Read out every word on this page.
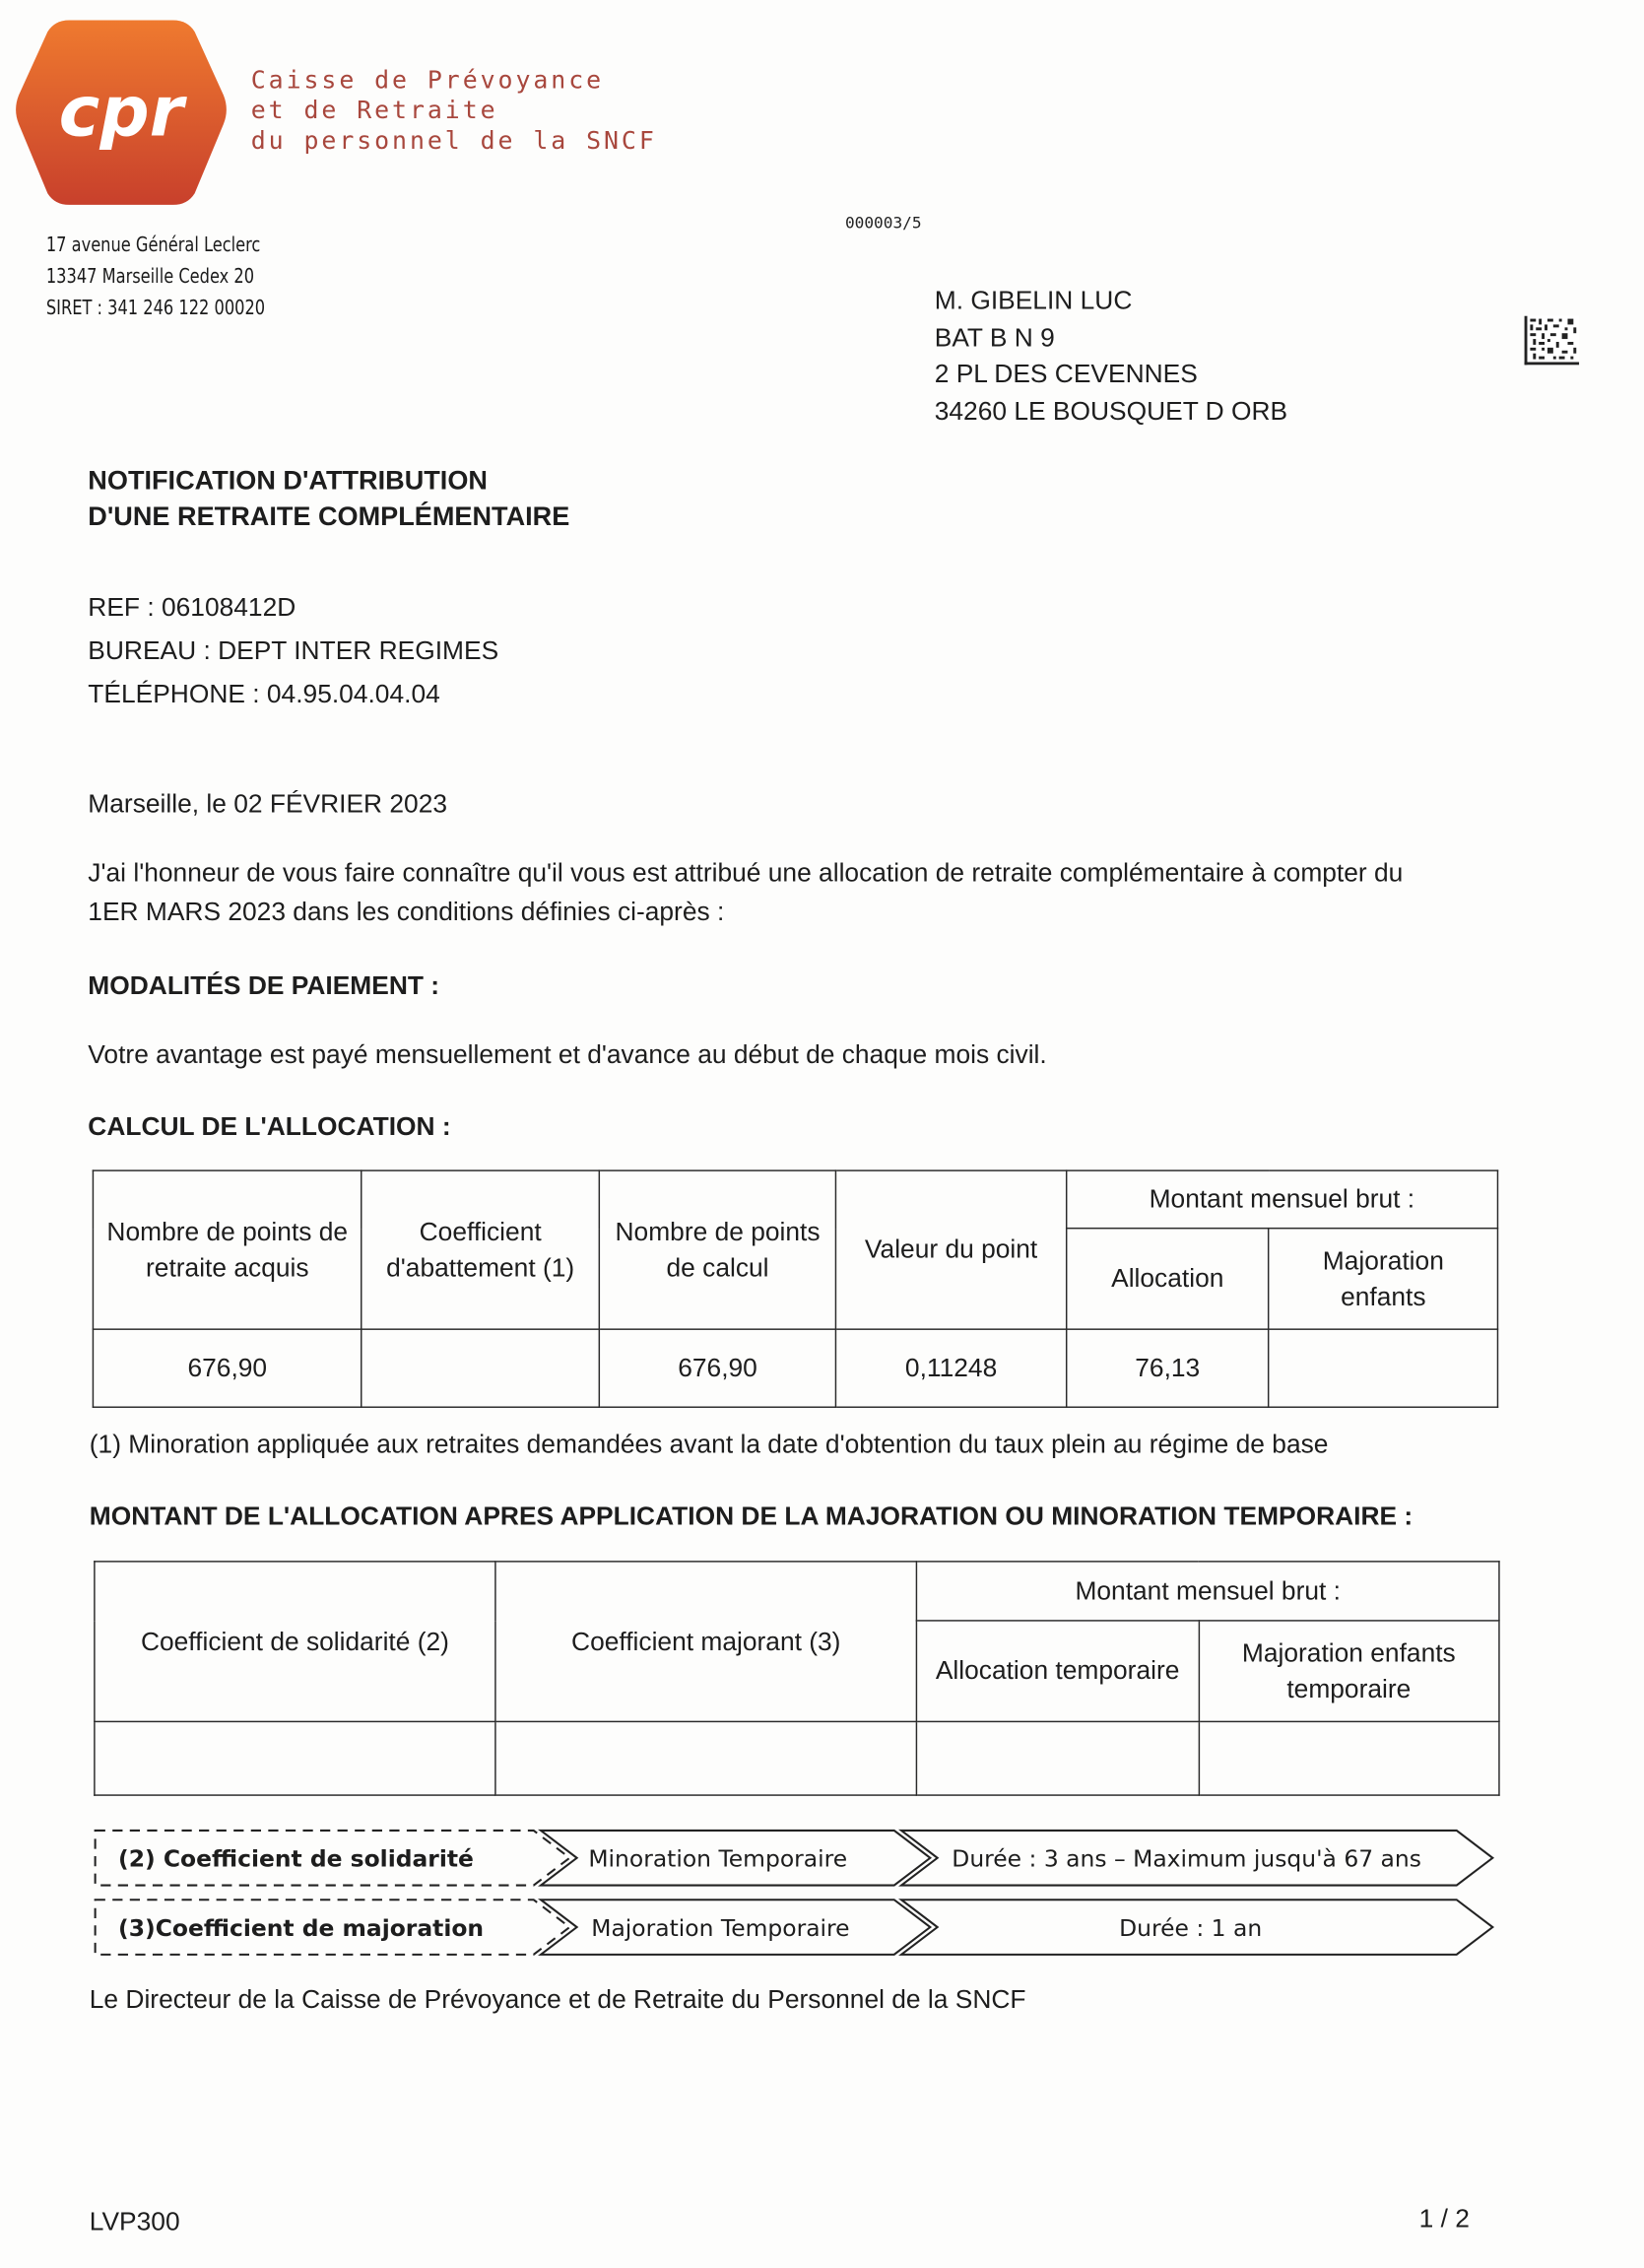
cpr	Caisse de Prévoyance
et de Retraite
du personnel de la SNCF
17 avenue Général Leclerc
13347 Marseille Cedex 20
SIRET : 341 246 122 00020
000003/5
M. GIBELIN LUC
BAT B N 9
2 PL DES CEVENNES
34260 LE BOUSQUET D ORB
NOTIFICATION D'ATTRIBUTION
D'UNE RETRAITE COMPLÉMENTAIRE
REF : 06108412D
BUREAU : DEPT INTER REGIMES
TÉLÉPHONE : 04.95.04.04.04
Marseille, le 02 FÉVRIER 2023
J'ai l'honneur de vous faire connaître qu'il vous est attribué une allocation de retraite complémentaire à compter du
1ER MARS 2023 dans les conditions définies ci-après :
MODALITÉS DE PAIEMENT :
Votre avantage est payé mensuellement et d'avance au début de chaque mois civil.
CALCUL DE L'ALLOCATION :
Nombre de points de retraite acquis	Coefficient d'abattement (1)	Nombre de points de calcul	Valeur du point	Montant mensuel brut :	
				Allocation	Majoration enfants
676,90		676,90	0,11248	76,13	
(1) Minoration appliquée aux retraites demandées avant la date d'obtention du taux plein au régime de base
MONTANT DE L'ALLOCATION APRES APPLICATION DE LA MAJORATION OU MINORATION TEMPORAIRE :
Coefficient de solidarité (2)	Coefficient majorant (3)	Montant mensuel brut :	
		Allocation temporaire	Majoration enfants temporaire

(2) Coefficient de solidarité	Minoration Temporaire	Durée : 3 ans – Maximum jusqu'à 67 ans
(3)Coefficient de majoration	Majoration Temporaire	Durée : 1 an
Le Directeur de la Caisse de Prévoyance et de Retraite du Personnel de la SNCF
LVP300	1 / 2
